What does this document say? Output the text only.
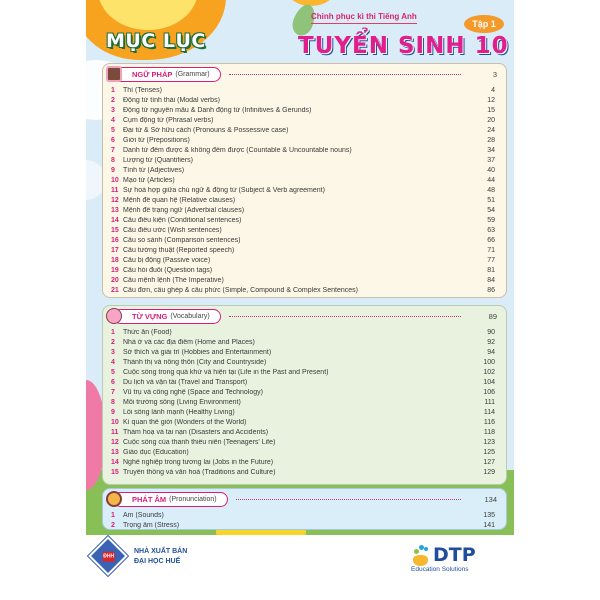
MỤC LỤC
Chinh phục kì thi Tiếng Anh
Tập 1
TUYỂN SINH 10
NGỮ PHÁP (Grammar)	3
1	Thì (Tenses)	4
2	Động từ tình thái (Modal verbs)	12
3	Động từ nguyên mẫu & Danh động từ (Infinitives & Gerunds)	15
4	Cụm động từ (Phrasal verbs)	20
5	Đại từ & Sở hữu cách (Pronouns & Possessive case)	24
6	Giới từ (Prepositions)	28
7	Danh từ đếm được & không đếm được (Countable & Uncountable nouns)	34
8	Lượng từ (Quantifiers)	37
9	Tính từ (Adjectives)	40
10 Mạo từ (Articles)	44
11 Sự hoà hợp giữa chủ ngữ & động từ (Subject & Verb agreement)	48
12 Mệnh đề quan hệ (Relative clauses)	51
13 Mệnh đề trạng ngữ (Adverbial clauses)	54
14 Câu điều kiện (Conditional sentences)	59
15 Câu điều ước (Wish sentences)	63
16 Câu so sánh (Comparison sentences)	66
17 Câu tường thuật (Reported speech)	71
18 Câu bị động (Passive voice)	77
19 Câu hỏi đuôi (Question tags)	81
20 Câu mệnh lệnh (The Imperative)	84
21 Câu đơn, câu ghép & câu phức (Simple, Compound & Complex Sentences)	86
TỪ VỰNG (Vocabulary)	89
1	Thức ăn (Food)	90
2	Nhà ở và các địa điểm (Home and Places)	92
3	Sở thích và giải trí (Hobbies and Entertainment)	94
4	Thành thị và nông thôn (City and Countryside)	100
5	Cuộc sống trong quá khứ và hiện tại (Life in the Past and Present)	102
6	Du lịch và vận tải (Travel and Transport)	104
7	Vũ trụ và công nghệ (Space and Technology)	106
8	Môi trường sống (Living Environment)	111
9	Lối sống lành mạnh (Healthy Living)	114
10 Kì quan thế giới (Wonders of the World)	116
11 Thảm hoạ và tai nạn (Disasters and Accidents)	118
12 Cuộc sống của thanh thiếu niên (Teenagers' Life)	123
13 Giáo dục (Education)	125
14 Nghề nghiệp trong tương lai (Jobs in the Future)	127
15 Truyền thống và văn hoá (Traditions and Culture)	129
PHÁT ÂM (Pronunciation)	134
1	Âm (Sounds)	135
2	Trọng âm (Stress)	141
ĐHH
NHÀ XUẤT BẢN
ĐẠI HỌC HUẾ	DTP
Education Solutions
